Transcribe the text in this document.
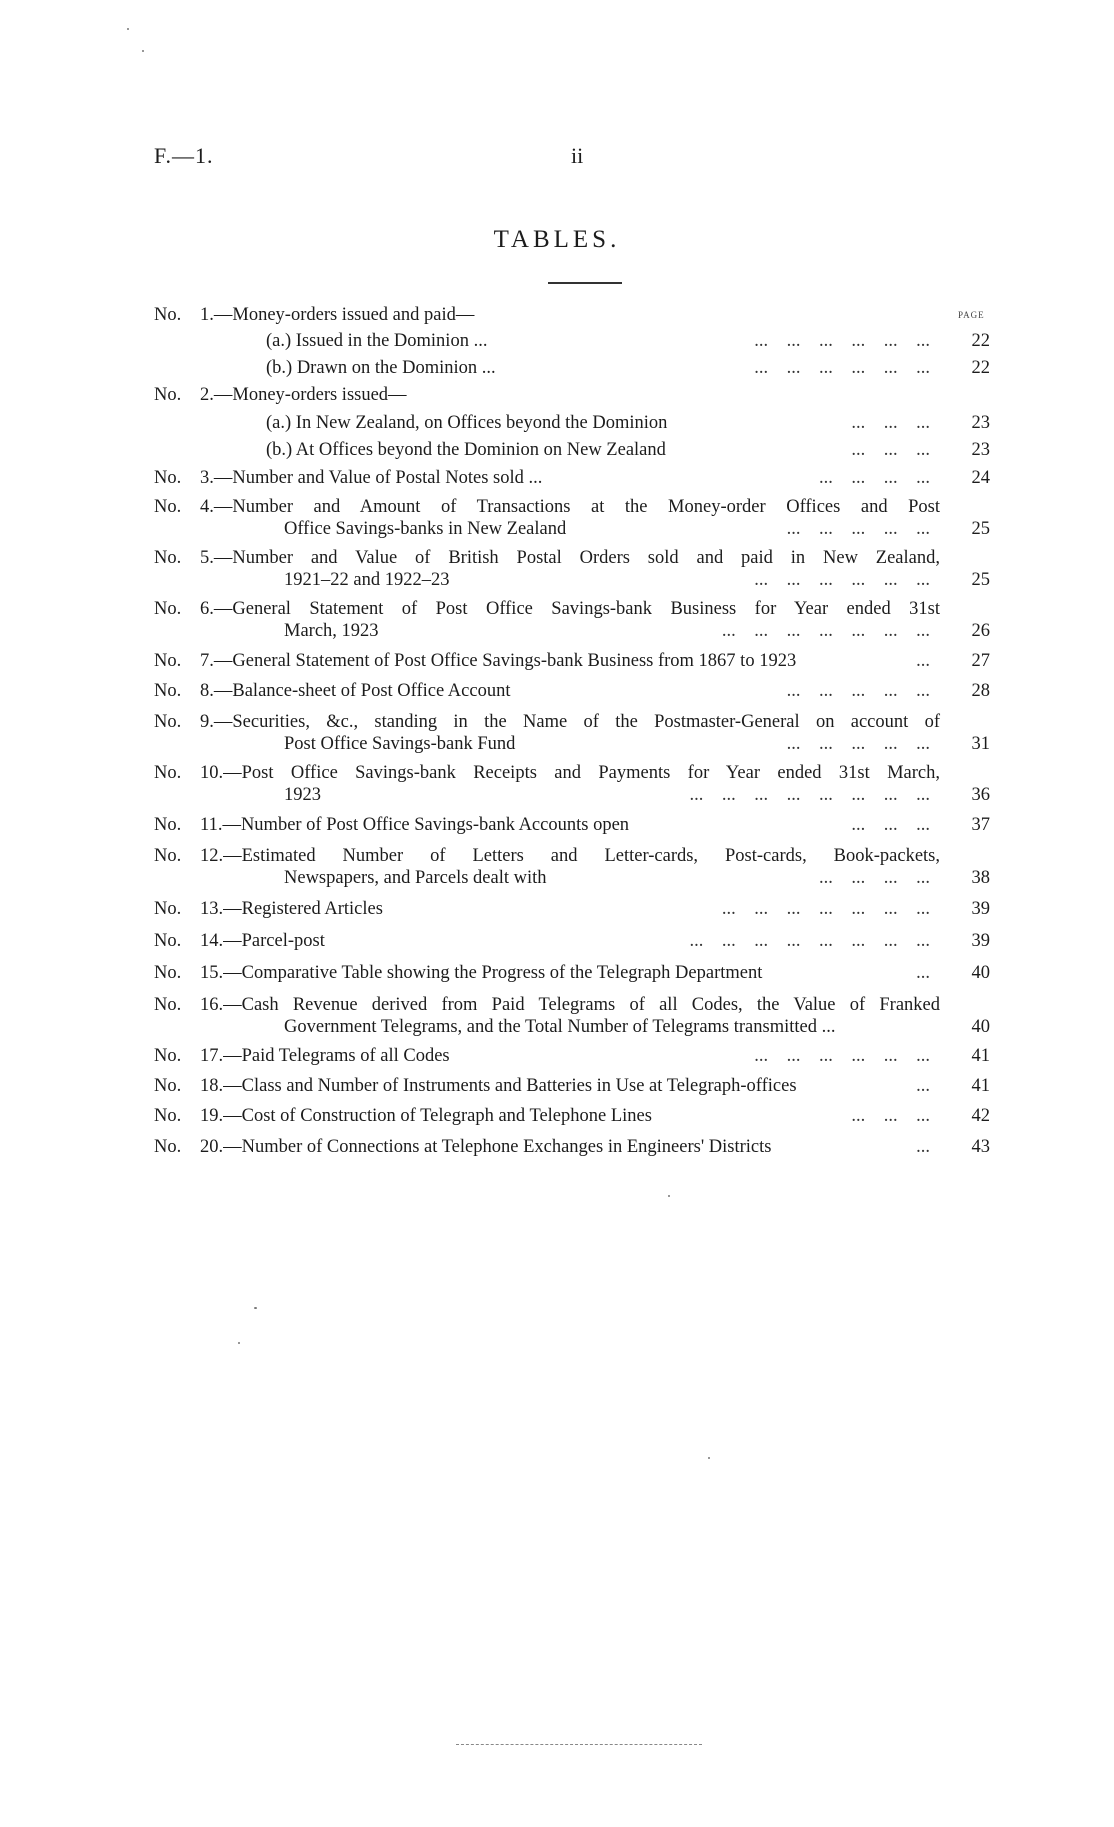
F.—1.	ii
TABLES.
PAGE
No.	1.—Money-orders issued and paid—
(a.) Issued in the Dominion ...	...    ...    ...    ...    ...    ...	22
(b.) Drawn on the Dominion ...	...    ...    ...    ...    ...    ...	22
No.	2.—Money-orders issued—
(a.) In New Zealand, on Offices beyond the Dominion	...    ...    ...	23
(b.) At Offices beyond the Dominion on New Zealand	...    ...    ...	23
No.	3.—Number and Value of Postal Notes sold ...	...    ...    ...    ...	24
No.	4.—Number and Amount of Transactions at the Money-order Offices and Post
Office Savings-banks in New Zealand	...    ...    ...    ...    ...	25
No.	5.—Number and Value of British Postal Orders sold and paid in New Zealand,
1921–22 and 1922–23	...    ...    ...    ...    ...    ...	25
No.	6.—General Statement of Post Office Savings-bank Business for Year ended 31st
March, 1923	...    ...    ...    ...    ...    ...    ...	26
No.	7.—General Statement of Post Office Savings-bank Business from 1867 to 1923	...	27
No.	8.—Balance-sheet of Post Office Account	...    ...    ...    ...    ...	28
No.	9.—Securities, &c., standing in the Name of the Postmaster-General on account of
Post Office Savings-bank Fund	...    ...    ...    ...    ...	31
No.	10.—Post Office Savings-bank Receipts and Payments for Year ended 31st March,
1923	...    ...    ...    ...    ...    ...    ...    ...	36
No.	11.—Number of Post Office Savings-bank Accounts open	...    ...    ...	37
No.	12.—Estimated Number of Letters and Letter-cards, Post-cards, Book-packets,
Newspapers, and Parcels dealt with	...    ...    ...    ...	38
No.	13.—Registered Articles	...    ...    ...    ...    ...    ...    ...	39
No.	14.—Parcel-post	...    ...    ...    ...    ...    ...    ...    ...	39
No.	15.—Comparative Table showing the Progress of the Telegraph Department	...	40
No.	16.—Cash Revenue derived from Paid Telegrams of all Codes, the Value of Franked
Government Telegrams, and the Total Number of Telegrams transmitted ...	40
No.	17.—Paid Telegrams of all Codes	...    ...    ...    ...    ...    ...	41
No.	18.—Class and Number of Instruments and Batteries in Use at Telegraph-offices	...	41
No.	19.—Cost of Construction of Telegraph and Telephone Lines	...    ...    ...	42
No.	20.—Number of Connections at Telephone Exchanges in Engineers' Districts	...	43
